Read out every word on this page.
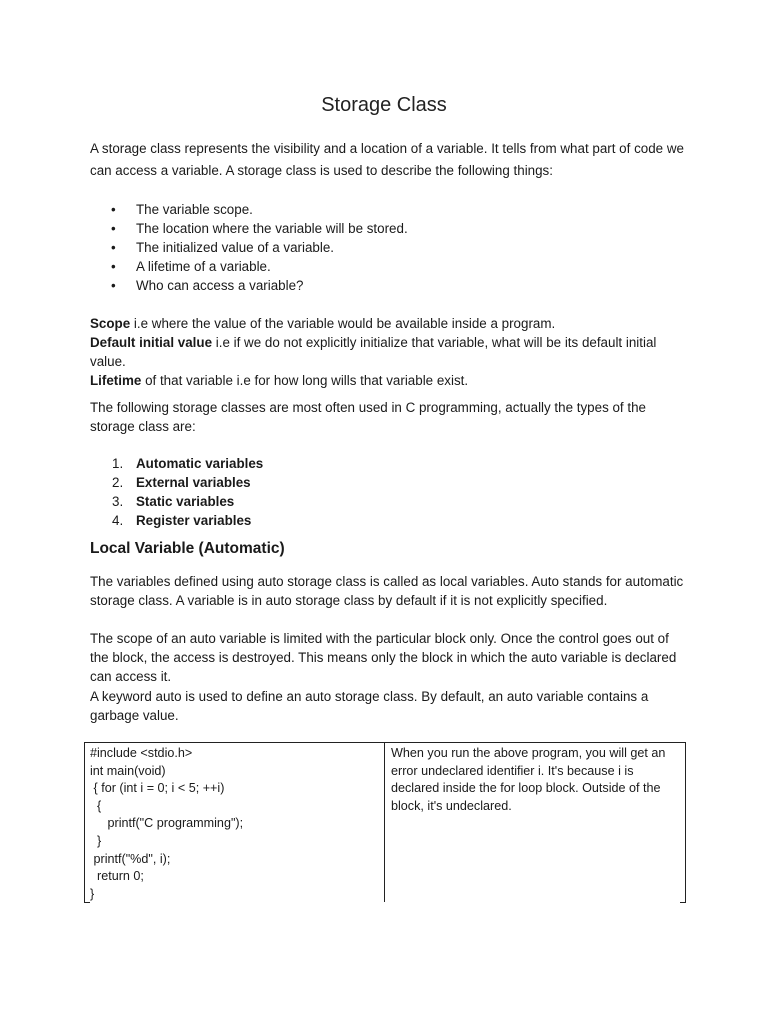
Storage Class

A storage class represents the visibility and a location of a variable. It tells from what part of code we can access a variable. A storage class is used to describe the following things:

• The variable scope.
• The location where the variable will be stored.
• The initialized value of a variable.
• A lifetime of a variable.
• Who can access a variable?

Scope i.e where the value of the variable would be available inside a program.
Default initial value i.e if we do not explicitly initialize that variable, what will be its default initial value.
Lifetime of that variable i.e for how long wills that variable exist.

The following storage classes are most often used in C programming, actually the types of the storage class are:

1. Automatic variables
2. External variables
3. Static variables
4. Register variables
Local Variable (Automatic)

The variables defined using auto storage class is called as local variables. Auto stands for automatic storage class. A variable is in auto storage class by default if it is not explicitly specified.

The scope of an auto variable is limited with the particular block only. Once the control goes out of the block, the access is destroyed. This means only the block in which the auto variable is declared can access it.

A keyword auto is used to define an auto storage class. By default, an auto variable contains a garbage value.

#include <stdio.h>
int main(void)
{ for (int i = 0; i < 5; ++i)
{
printf("C programming");
}
printf("%d", i);
return 0;
}

When you run the above program, you will get an error undeclared identifier i. It's because i is declared inside the for loop block. Outside of the block, it's undeclared.
